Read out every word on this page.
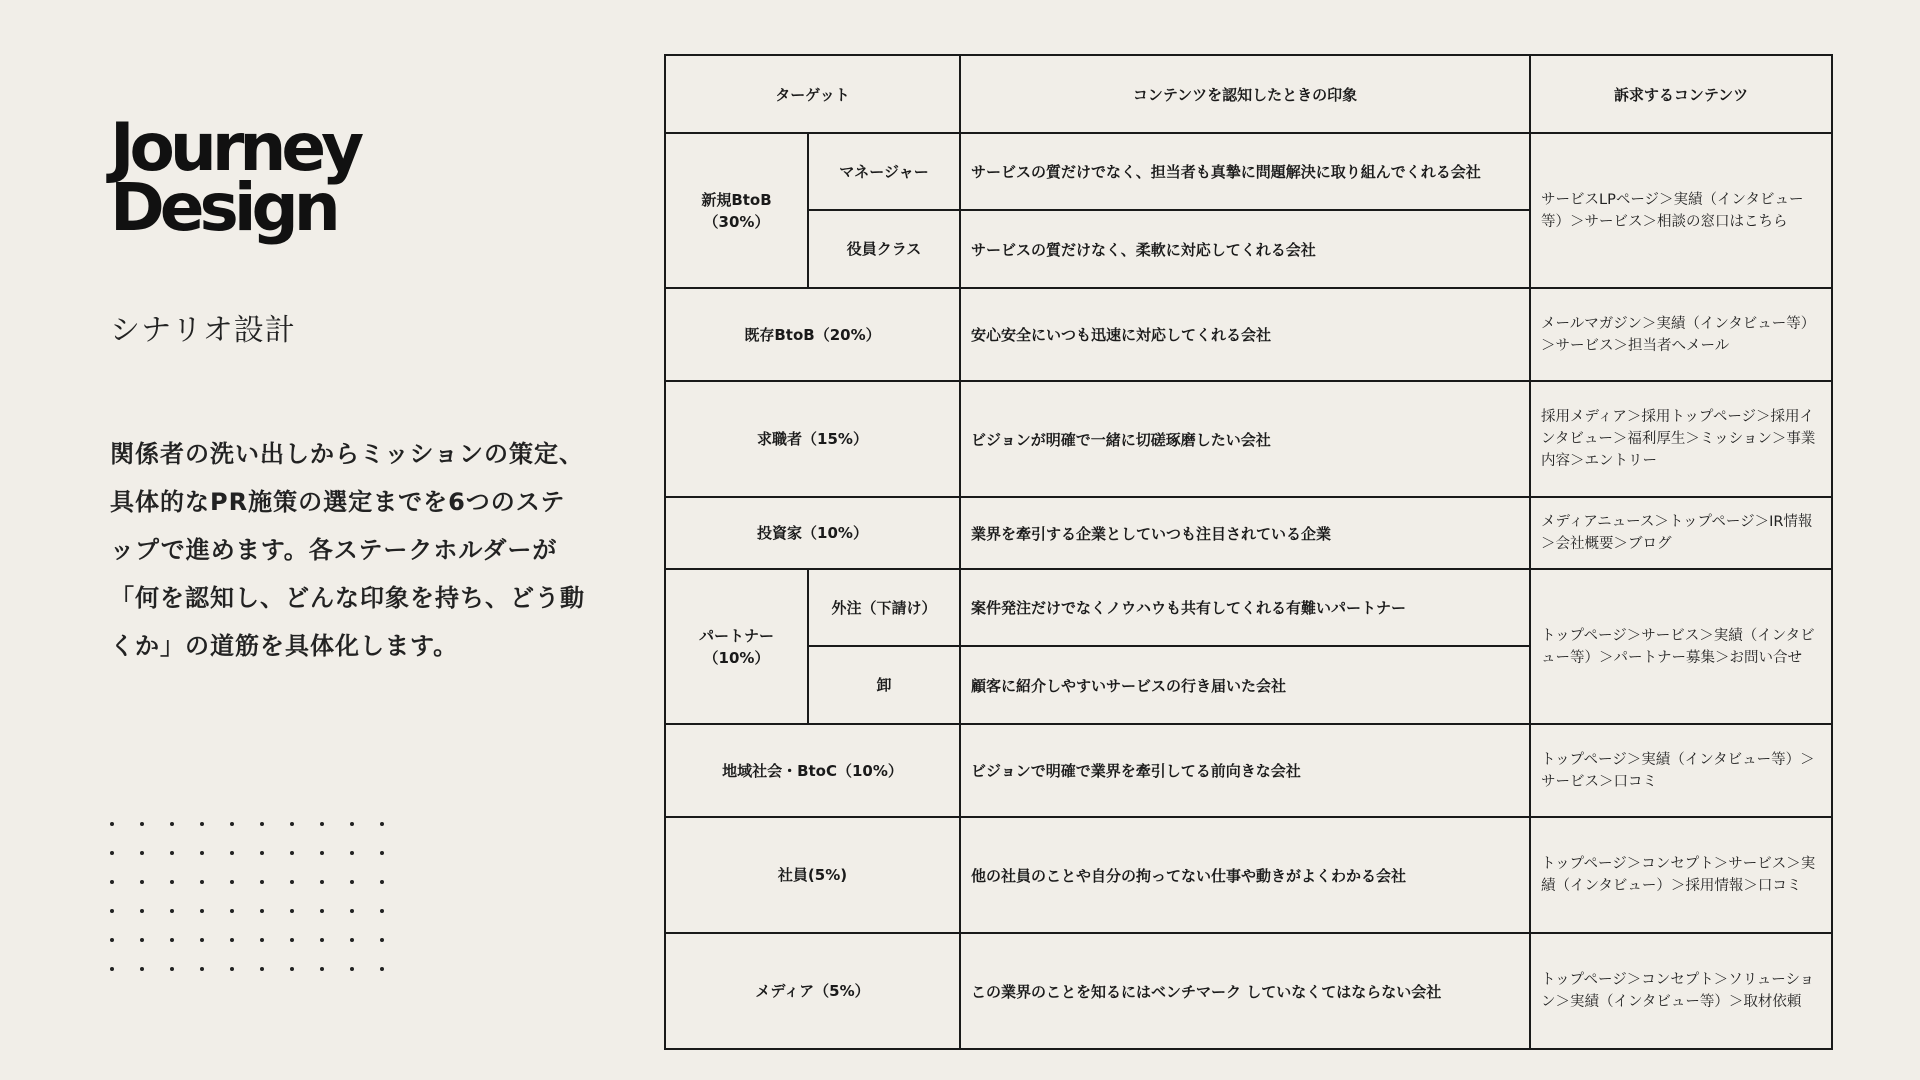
Journey
Design
シナリオ設計

関係者の洗い出しからミッションの策定、具体的なPR施策の選定までを6つのステップで進めます。各ステークホルダーが「何を認知し、どんな印象を持ち、どう動くか」の道筋を具体化します。

ターゲット		コンテンツを認知したときの印象	訴求するコンテンツ
新規BtoB
（30%）	マネージャー	サービスの質だけでなく、担当者も真摯に問題解決に取り組んでくれる会社	サービスLPページ＞実績（インタビュー等）＞サービス＞相談の窓口はこちら
	役員クラス	サービスの質だけなく、柔軟に対応してくれる会社	
既存BtoB（20%）		安心安全にいつも迅速に対応してくれる会社	メールマガジン＞実績（インタビュー等）＞サービス＞担当者へメール
求職者（15%）		ビジョンが明確で一緒に切磋琢磨したい会社	採用メディア＞採用トップページ＞採用インタビュー＞福利厚生＞ミッション＞事業内容＞エントリー
投資家（10%）		業界を牽引する企業としていつも注目されている企業	メディアニュース＞トップページ＞IR情報＞会社概要＞ブログ
パートナー
（10%）	外注（下請け）	案件発注だけでなくノウハウも共有してくれる有難いパートナー	トップページ＞サービス＞実績（インタビュー等）＞パートナー募集＞お問い合せ
	卸	顧客に紹介しやすいサービスの行き届いた会社	
地域社会・BtoC（10%）		ビジョンで明確で業界を牽引してる前向きな会社	トップページ＞実績（インタビュー等）＞サービス＞口コミ
社員(5%)		他の社員のことや自分の拘ってない仕事や動きがよくわかる会社	トップページ＞コンセプト＞サービス＞実績（インタビュー）＞採用情報＞口コミ
メディア（5%）		この業界のことを知るにはベンチマーク していなくてはならない会社	トップページ＞コンセプト＞ソリューション＞実績（インタビュー等）＞取材依頼
